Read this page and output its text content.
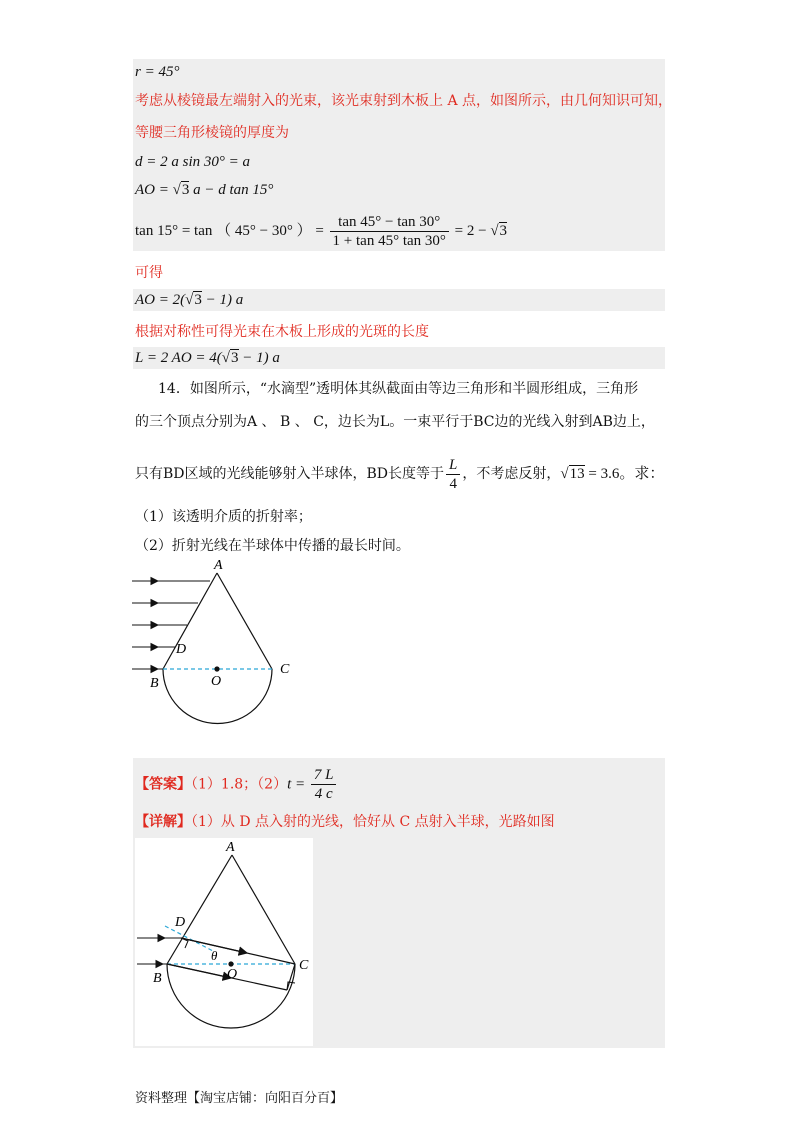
r = 45°
考虑从棱镜最左端射入的光束，该光束射到木板上 A 点，如图所示，由几何知识可知，
等腰三角形棱镜的厚度为
d = 2 a sin 30° = a
AO = √3 a − d tan 15°
tan 15° = tan （ 45° − 30° ） = $\frac{\tan 45^\circ - \tan 30^\circ}{1 + \tan 45^\circ \tan 30^\circ} = 2 - √3$
可得
AO = 2(√3 − 1) a
根据对称性可得光束在木板上形成的光斑的长度
L = 2 AO = 4(√3 − 1) a
14．如图所示，“水滴型”透明体其纵截面由等边三角形和半圆形组成，三角形
的三个顶点分别为A 、 B 、 C，边长为L。一束平行于BC边的光线入射到AB边上，
只有BD区域的光线能够射入半球体，BD长度等于 $\frac{L}{4}$ ，不考虑反射，√13 = 3.6。求：
（1）该透明介质的折射率；
（2）折射光线在半球体中传播的最长时间。
A
D
B	O
C
【答案】（1）1.8；$(2)t = \frac{7 L}{4 c}$
【详解】（1）从 D 点入射的光线，恰好从 C 点射入半球，光路如图
A
D
θ
B	O
C
资料整理【淘宝店铺：向阳百分百】
